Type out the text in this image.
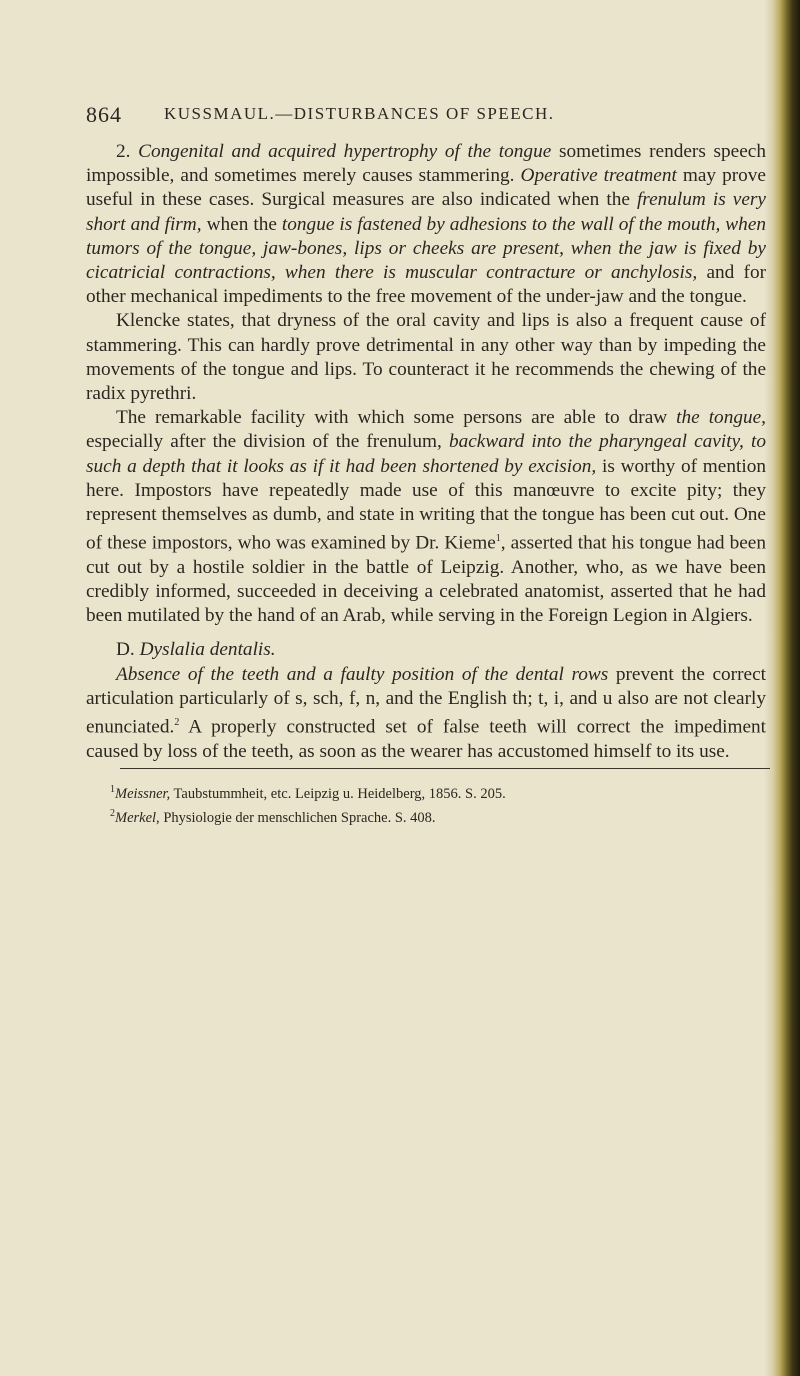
864 KUSSMAUL.—DISTURBANCES OF SPEECH.

2. Congenital and acquired hypertrophy of the tongue sometimes renders speech impossible, and sometimes merely causes stammering. Operative treatment may prove useful in these cases. Surgical measures are also indicated when the frenulum is very short and firm, when the tongue is fastened by adhesions to the wall of the mouth, when tumors of the tongue, jaw-bones, lips or cheeks are present, when the jaw is fixed by cicatricial contractions, when there is muscular contracture or anchylosis, and for other mechanical impediments to the free movement of the under-jaw and the tongue.

Klencke states, that dryness of the oral cavity and lips is also a frequent cause of stammering. This can hardly prove detrimental in any other way than by impeding the movements of the tongue and lips. To counteract it he recommends the chewing of the radix pyrethri.

The remarkable facility with which some persons are able to draw the tongue, especially after the division of the frenulum, backward into the pharyngeal cavity, to such a depth that it looks as if it had been shortened by excision, is worthy of mention here. Impostors have repeatedly made use of this manœuvre to excite pity; they represent themselves as dumb, and state in writing that the tongue has been cut out. One of these impostors, who was examined by Dr. Kieme$^1$, asserted that his tongue had been cut out by a hostile soldier in the battle of Leipzig. Another, who, as we have been credibly informed, succeeded in deceiving a celebrated anatomist, asserted that he had been mutilated by the hand of an Arab, while serving in the Foreign Legion in Algiers.

D. Dyslalia dentalis.

Absence of the teeth and a faulty position of the dental rows prevent the correct articulation particularly of s, sch, f, n, and the English th; t, i, and u also are not clearly enunciated.$^2$ A properly constructed set of false teeth will correct the impediment caused by loss of the teeth, as soon as the wearer has accustomed himself to its use.

$^1$Meissner, Taubstummheit, etc. Leipzig u. Heidelberg, 1856. S. 205.

$^2$Merkel, Physiologie der menschlichen Sprache. S. 408.
